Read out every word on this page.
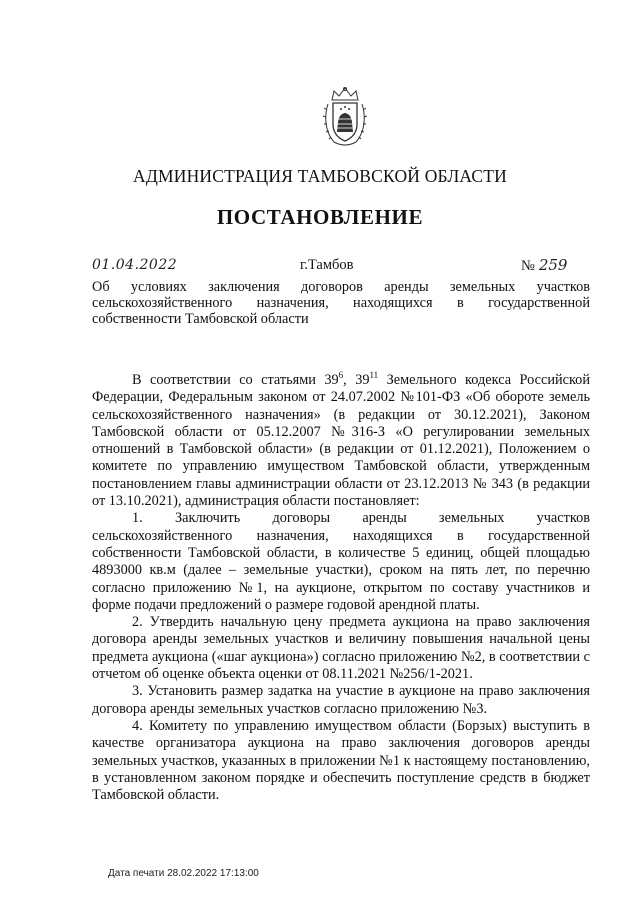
АДМИНИСТРАЦИЯ ТАМБОВСКОЙ ОБЛАСТИ
ПОСТАНОВЛЕНИЕ
01.04.2022	г.Тамбов	№ 259
Об условиях заключения договоров аренды земельных участков сельскохозяйственного назначения, находящихся в государственной собственности Тамбовской области

В соответствии со статьями $39^6$, $39^{11}$ Земельного кодекса Российской Федерации, Федеральным законом от 24.07.2002 №101-ФЗ «Об обороте земель сельскохозяйственного назначения» (в редакции от 30.12.2021), Законом Тамбовской области от 05.12.2007 №316-З «О регулировании земельных отношений в Тамбовской области» (в редакции от 01.12.2021), Положением о комитете по управлению имуществом Тамбовской области, утвержденным постановлением главы администрации области от 23.12.2013 № 343 (в редакции от 13.10.2021), администрация области постановляет:

1. Заключить договоры аренды земельных участков сельскохозяйственного назначения, находящихся в государственной собственности Тамбовской области, в количестве 5 единиц, общей площадью 4893000 кв.м (далее – земельные участки), сроком на пять лет, по перечню согласно приложению №1, на аукционе, открытом по составу участников и форме подачи предложений о размере годовой арендной платы.

2. Утвердить начальную цену предмета аукциона на право заключения договора аренды земельных участков и величину повышения начальной цены предмета аукциона («шаг аукциона») согласно приложению №2, в соответствии с отчетом об оценке объекта оценки от 08.11.2021 №256/1-2021.

3. Установить размер задатка на участие в аукционе на право заключения договора аренды земельных участков согласно приложению №3.

4. Комитету по управлению имуществом области (Борзых) выступить в качестве организатора аукциона на право заключения договоров аренды земельных участков, указанных в приложении №1 к настоящему постановлению, в установленном законом порядке и обеспечить поступление средств в бюджет Тамбовской области.

Дата печати 28.02.2022 17:13:00
